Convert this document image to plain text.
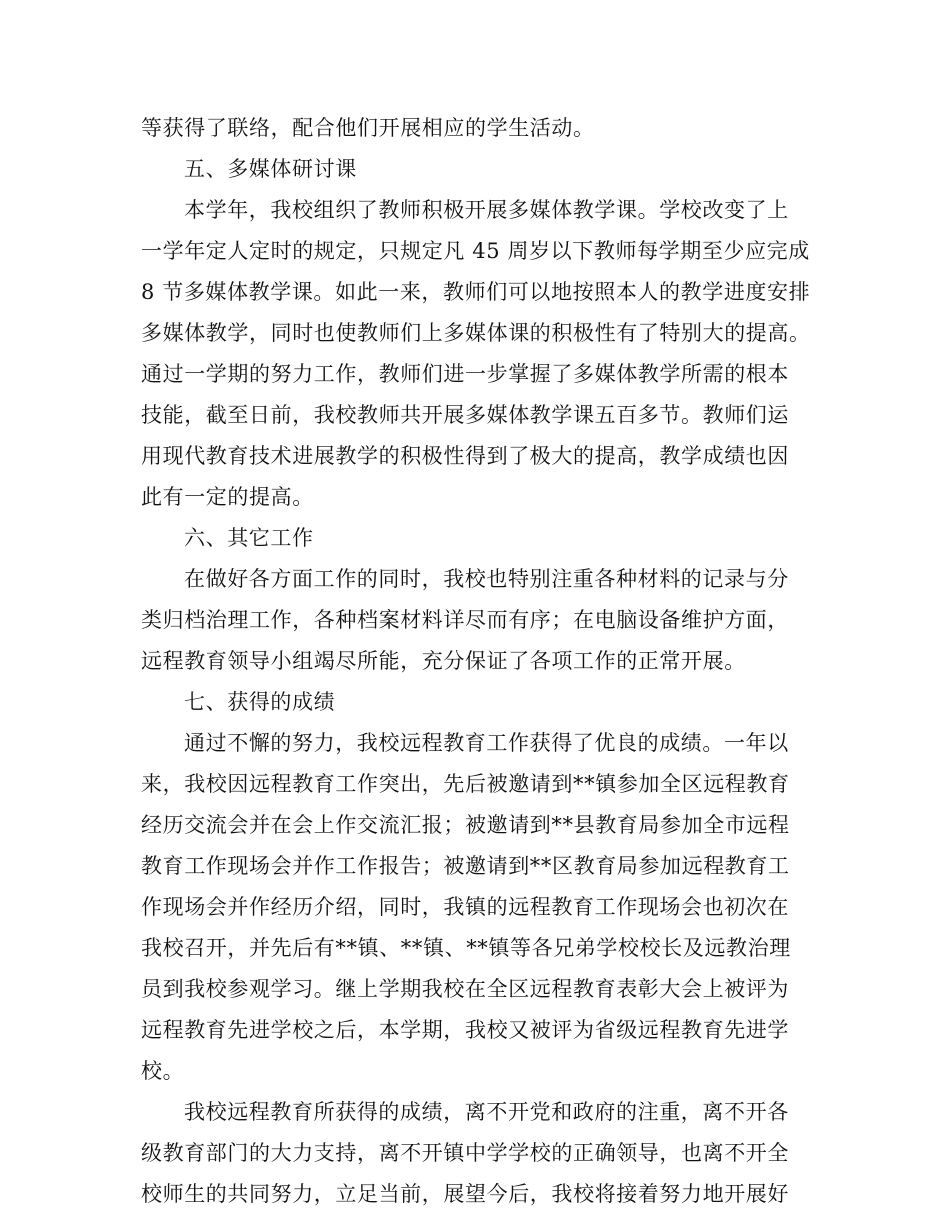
等获得了联络，配合他们开展相应的学生活动。
五、多媒体研讨课
本学年，我校组织了教师积极开展多媒体教学课。学校改变了上
一学年定人定时的规定，只规定凡 45 周岁以下教师每学期至少应完成
8 节多媒体教学课。如此一来，教师们可以地按照本人的教学进度安排
多媒体教学，同时也使教师们上多媒体课的积极性有了特别大的提高。
通过一学期的努力工作，教师们进一步掌握了多媒体教学所需的根本
技能，截至日前，我校教师共开展多媒体教学课五百多节。教师们运
用现代教育技术进展教学的积极性得到了极大的提高，教学成绩也因
此有一定的提高。
六、其它工作
在做好各方面工作的同时，我校也特别注重各种材料的记录与分
类归档治理工作，各种档案材料详尽而有序；在电脑设备维护方面，
远程教育领导小组竭尽所能，充分保证了各项工作的正常开展。
七、获得的成绩
通过不懈的努力，我校远程教育工作获得了优良的成绩。一年以
来，我校因远程教育工作突出，先后被邀请到**镇参加全区远程教育
经历交流会并在会上作交流汇报；被邀请到**县教育局参加全市远程
教育工作现场会并作工作报告；被邀请到**区教育局参加远程教育工
作现场会并作经历介绍，同时，我镇的远程教育工作现场会也初次在
我校召开，并先后有**镇、**镇、**镇等各兄弟学校校长及远教治理
员到我校参观学习。继上学期我校在全区远程教育表彰大会上被评为
远程教育先进学校之后，本学期，我校又被评为省级远程教育先进学
校。
我校远程教育所获得的成绩，离不开党和政府的注重，离不开各
级教育部门的大力支持，离不开镇中学学校的正确领导，也离不开全
校师生的共同努力，立足当前，展望今后，我校将接着努力地开展好
